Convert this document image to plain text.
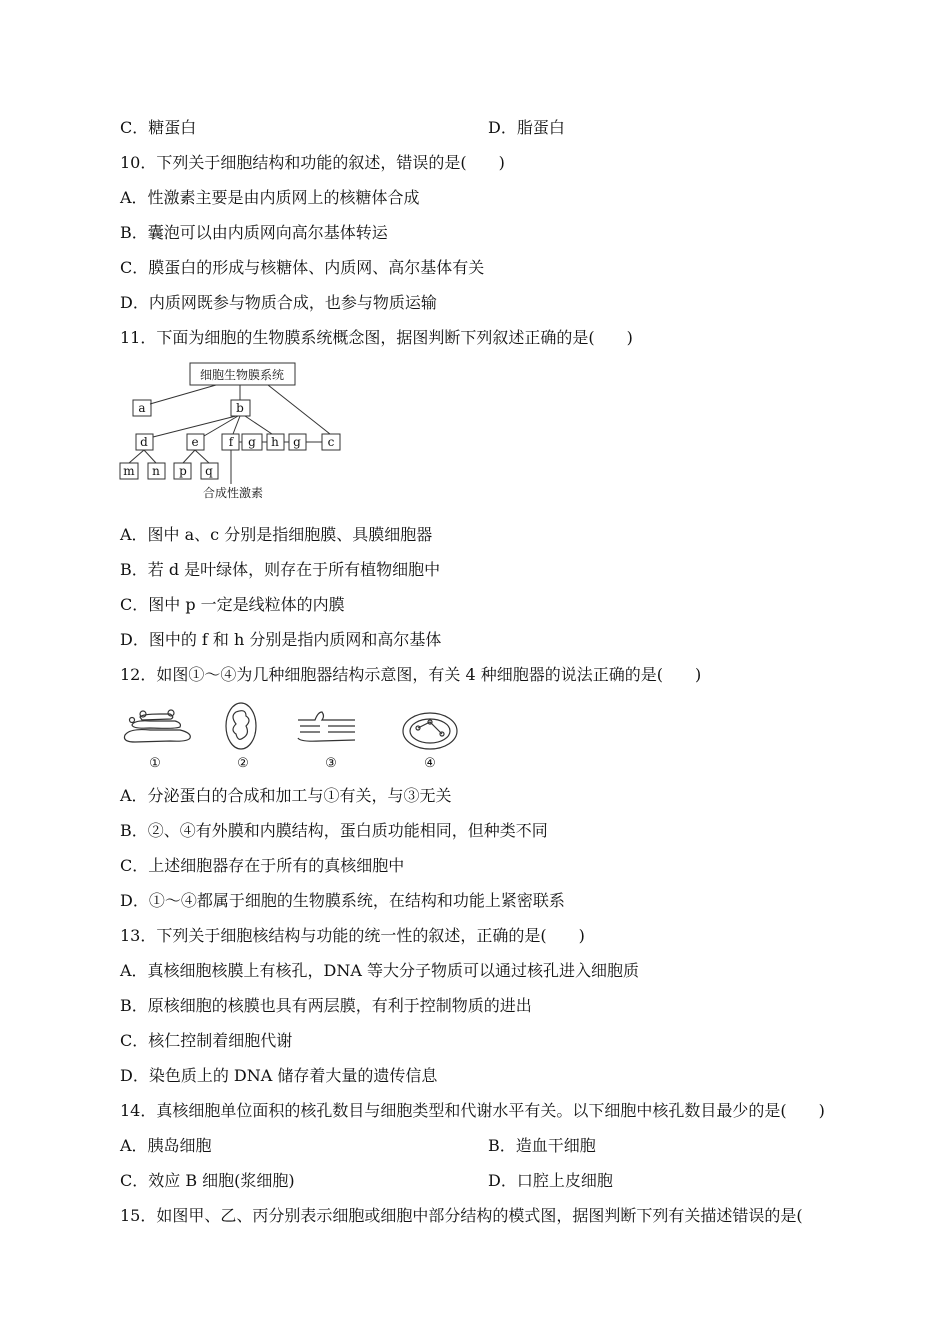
C．糖蛋白	D．脂蛋白
10．下列关于细胞结构和功能的叙述，错误的是(　　)
A．性激素主要是由内质网上的核糖体合成
B．囊泡可以由内质网向高尔基体转运
C．膜蛋白的形成与核糖体、内质网、高尔基体有关
D．内质网既参与物质合成，也参与物质运输
11．下面为细胞的生物膜系统概念图，据图判断下列叙述正确的是(　　)
细胞生物膜系统
a	b
d	e	f g h g c
m n p q
合成性激素
A．图中 a、c 分别是指细胞膜、具膜细胞器
B．若 d 是叶绿体，则存在于所有植物细胞中
C．图中 p 一定是线粒体的内膜
D．图中的 f 和 h 分别是指内质网和高尔基体
12．如图①～④为几种细胞器结构示意图，有关 4 种细胞器的说法正确的是(　　)
①	②	③	④
A．分泌蛋白的合成和加工与①有关，与③无关
B．②、④有外膜和内膜结构，蛋白质功能相同，但种类不同
C．上述细胞器存在于所有的真核细胞中
D．①～④都属于细胞的生物膜系统，在结构和功能上紧密联系
13．下列关于细胞核结构与功能的统一性的叙述，正确的是(　　)
A．真核细胞核膜上有核孔，DNA 等大分子物质可以通过核孔进入细胞质
B．原核细胞的核膜也具有两层膜，有利于控制物质的进出
C．核仁控制着细胞代谢
D．染色质上的 DNA 储存着大量的遗传信息
14．真核细胞单位面积的核孔数目与细胞类型和代谢水平有关。以下细胞中核孔数目最少的是(　　)
A．胰岛细胞	B．造血干细胞
C．效应 B 细胞(浆细胞)	D．口腔上皮细胞
15．如图甲、乙、丙分别表示细胞或细胞中部分结构的模式图，据图判断下列有关描述错误的是(
